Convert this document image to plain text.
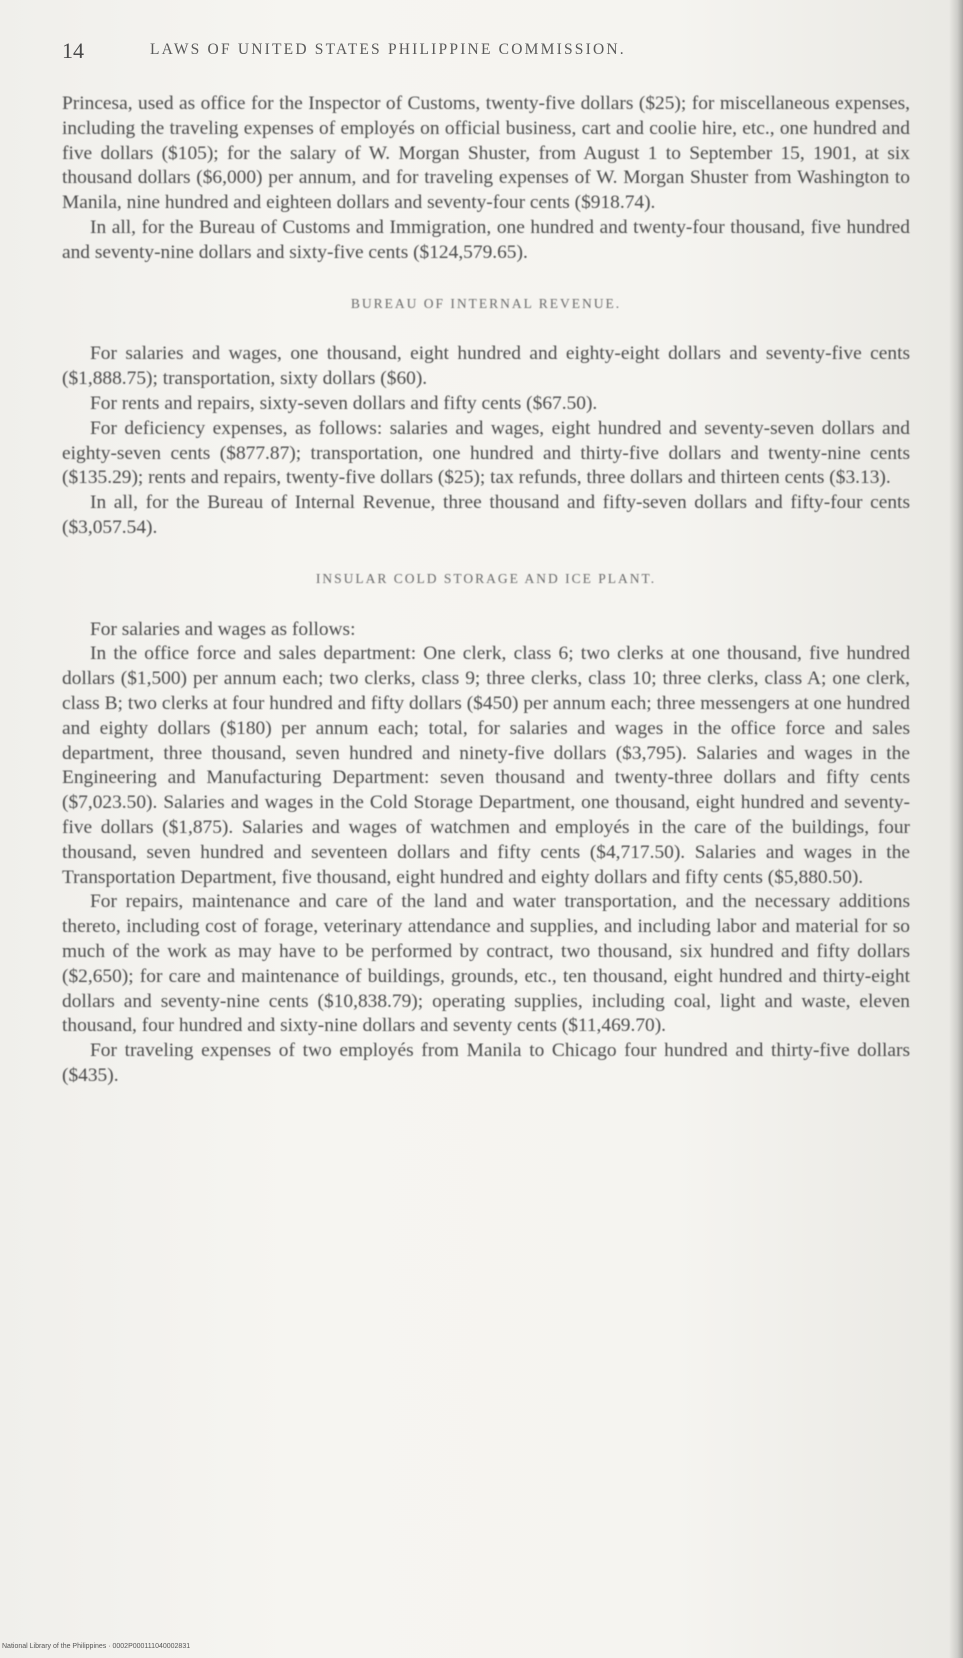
14	LAWS OF UNITED STATES PHILIPPINE COMMISSION.

Princesa, used as office for the Inspector of Customs, twenty-five dollars ($25); for miscellaneous expenses, including the traveling expenses of employés on official business, cart and coolie hire, etc., one hundred and five dollars ($105); for the salary of W. Morgan Shuster, from August 1 to September 15, 1901, at six thousand dollars ($6,000) per annum, and for traveling expenses of W. Morgan Shuster from Washington to Manila, nine hundred and eighteen dollars and seventy-four cents ($918.74).

In all, for the Bureau of Customs and Immigration, one hundred and twenty-four thousand, five hundred and seventy-nine dollars and sixty-five cents ($124,579.65).

BUREAU OF INTERNAL REVENUE.

For salaries and wages, one thousand, eight hundred and eighty-eight dollars and seventy-five cents ($1,888.75); transportation, sixty dollars ($60).

For rents and repairs, sixty-seven dollars and fifty cents ($67.50).

For deficiency expenses, as follows: salaries and wages, eight hundred and seventy-seven dollars and eighty-seven cents ($877.87); transportation, one hundred and thirty-five dollars and twenty-nine cents ($135.29); rents and repairs, twenty-five dollars ($25); tax refunds, three dollars and thirteen cents ($3.13).

In all, for the Bureau of Internal Revenue, three thousand and fifty-seven dollars and fifty-four cents ($3,057.54).

INSULAR COLD STORAGE AND ICE PLANT.

For salaries and wages as follows:

In the office force and sales department: One clerk, class 6; two clerks at one thousand, five hundred dollars ($1,500) per annum each; two clerks, class 9; three clerks, class 10; three clerks, class A; one clerk, class B; two clerks at four hundred and fifty dollars ($450) per annum each; three messengers at one hundred and eighty dollars ($180) per annum each; total, for salaries and wages in the office force and sales department, three thousand, seven hundred and ninety-five dollars ($3,795). Salaries and wages in the Engineering and Manufacturing Department: seven thousand and twenty-three dollars and fifty cents ($7,023.50). Salaries and wages in the Cold Storage Department, one thousand, eight hundred and seventy-five dollars ($1,875). Salaries and wages of watchmen and employés in the care of the buildings, four thousand, seven hundred and seventeen dollars and fifty cents ($4,717.50). Salaries and wages in the Transportation Department, five thousand, eight hundred and eighty dollars and fifty cents ($5,880.50).

For repairs, maintenance and care of the land and water transportation, and the necessary additions thereto, including cost of forage, veterinary attendance and supplies, and including labor and material for so much of the work as may have to be performed by contract, two thousand, six hundred and fifty dollars ($2,650); for care and maintenance of buildings, grounds, etc., ten thousand, eight hundred and thirty-eight dollars and seventy-nine cents ($10,838.79); operating supplies, including coal, light and waste, eleven thousand, four hundred and sixty-nine dollars and seventy cents ($11,469.70).

For traveling expenses of two employés from Manila to Chicago four hundred and thirty-five dollars ($435).

National Library of the Philippines · 0002P000111040002831
